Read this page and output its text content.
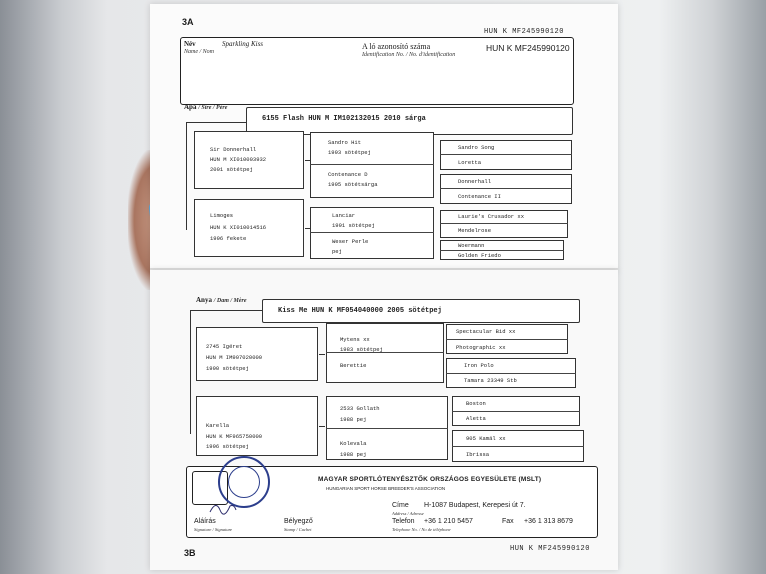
3A
HUN K MF245990120
Név
Name / Nom
Sparkling Kiss	A ló azonosító száma
Identification No. / No. d'identification
HUN K MF245990120
Apa / Sire / Père
6155 Flash HUN M IM102132015 2010 sárga
Sir Donnerhall
HUN M XI010003932
2001 sötétpej
Limoges
HUN K XI010014516
1996 fekete
Sandro Hit
1993 sötétpej
Contenance D
1995 sötétsárga
Lanciar
1991 sötétpej
Weser Perle
pej
Sandro Song
Loretta
Donnerhall
Contenance II
Laurie's Crusador xx
Mendelrose
Woermann
Golden Friedo
Anya / Dam / Mère
Kiss Me HUN K MF054040000 2005 sötétpej
2745 Igéret
HUN M IM907020000
1990 sötétpej
Karella
HUN K MF965750000
1996 sötétpej
Mytens xx
1983 sötétpej
Berettie
2533 Gollath
1988 pej
Kolevala
1988 pej
Spectacular Bid xx
Photographic xx
Iron Polo
Tamara 23349 Stb
Boston
Aletta
905 Kamál xx
Ibrissa
MAGYAR SPORTLÓTENYÉSZTŐK ORSZÁGOS EGYESÜLETE (MSLT)
HUNGARIAN SPORT HORSE BREEDER'S ASSOCIATION
Címe
Address / Adresse
H-1087 Budapest, Kerepesi út 7.
Telefon
Telephone No. / No de téléphone
+36 1 210 5457	Fax +36 1 313 8679
Aláírás
Signature / Signature
Bélyegző
Stamp / Cachet
3B	HUN K MF245990120
